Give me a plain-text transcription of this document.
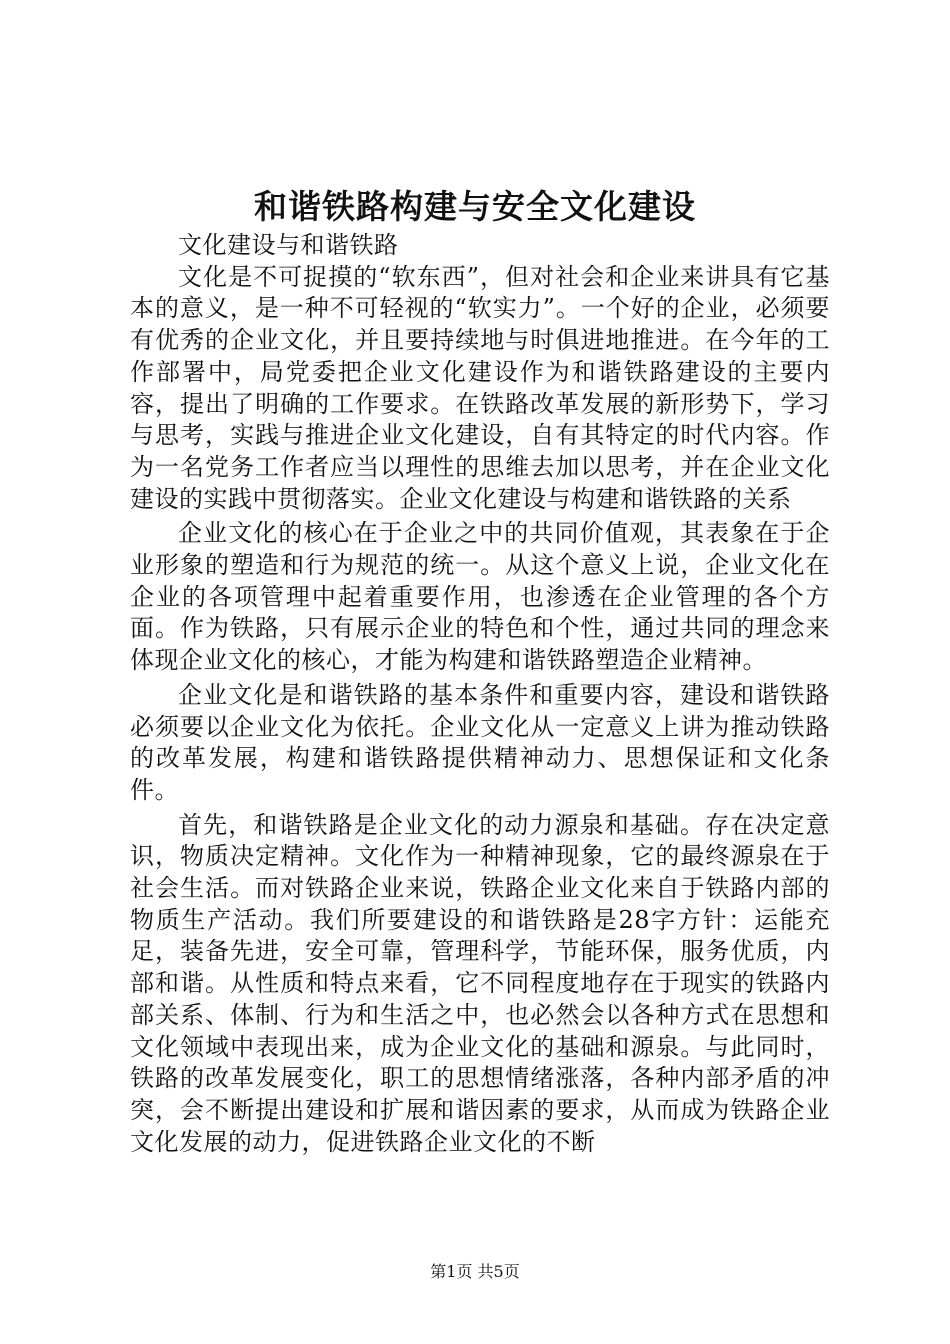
和谐铁路构建与安全文化建设

文化建设与和谐铁路

文化是不可捉摸的“软东西”，但对社会和企业来讲具有它基本的意义，是一种不可轻视的“软实力”。一个好的企业，必须要有优秀的企业文化，并且要持续地与时俱进地推进。在今年的工作部署中，局党委把企业文化建设作为和谐铁路建设的主要内容，提出了明确的工作要求。在铁路改革发展的新形势下，学习与思考，实践与推进企业文化建设，自有其特定的时代内容。作为一名党务工作者应当以理性的思维去加以思考，并在企业文化建设的实践中贯彻落实。企业文化建设与构建和谐铁路的关系

企业文化的核心在于企业之中的共同价值观，其表象在于企业形象的塑造和行为规范的统一。从这个意义上说，企业文化在企业的各项管理中起着重要作用，也渗透在企业管理的各个方面。作为铁路，只有展示企业的特色和个性，通过共同的理念来体现企业文化的核心，才能为构建和谐铁路塑造企业精神。

企业文化是和谐铁路的基本条件和重要内容，建设和谐铁路必须要以企业文化为依托。企业文化从一定意义上讲为推动铁路的改革发展，构建和谐铁路提供精神动力、思想保证和文化条件。

首先，和谐铁路是企业文化的动力源泉和基础。存在决定意识，物质决定精神。文化作为一种精神现象，它的最终源泉在于社会生活。而对铁路企业来说，铁路企业文化来自于铁路内部的物质生产活动。我们所要建设的和谐铁路是28字方针：运能充足，装备先进，安全可靠，管理科学，节能环保，服务优质，内部和谐。从性质和特点来看，它不同程度地存在于现实的铁路内部关系、体制、行为和生活之中，也必然会以各种方式在思想和文化领域中表现出来，成为企业文化的基础和源泉。与此同时，铁路的改革发展变化，职工的思想情绪涨落，各种内部矛盾的冲突，会不断提出建设和扩展和谐因素的要求，从而成为铁路企业文化发展的动力，促进铁路企业文化的不断

第1页 共5页
